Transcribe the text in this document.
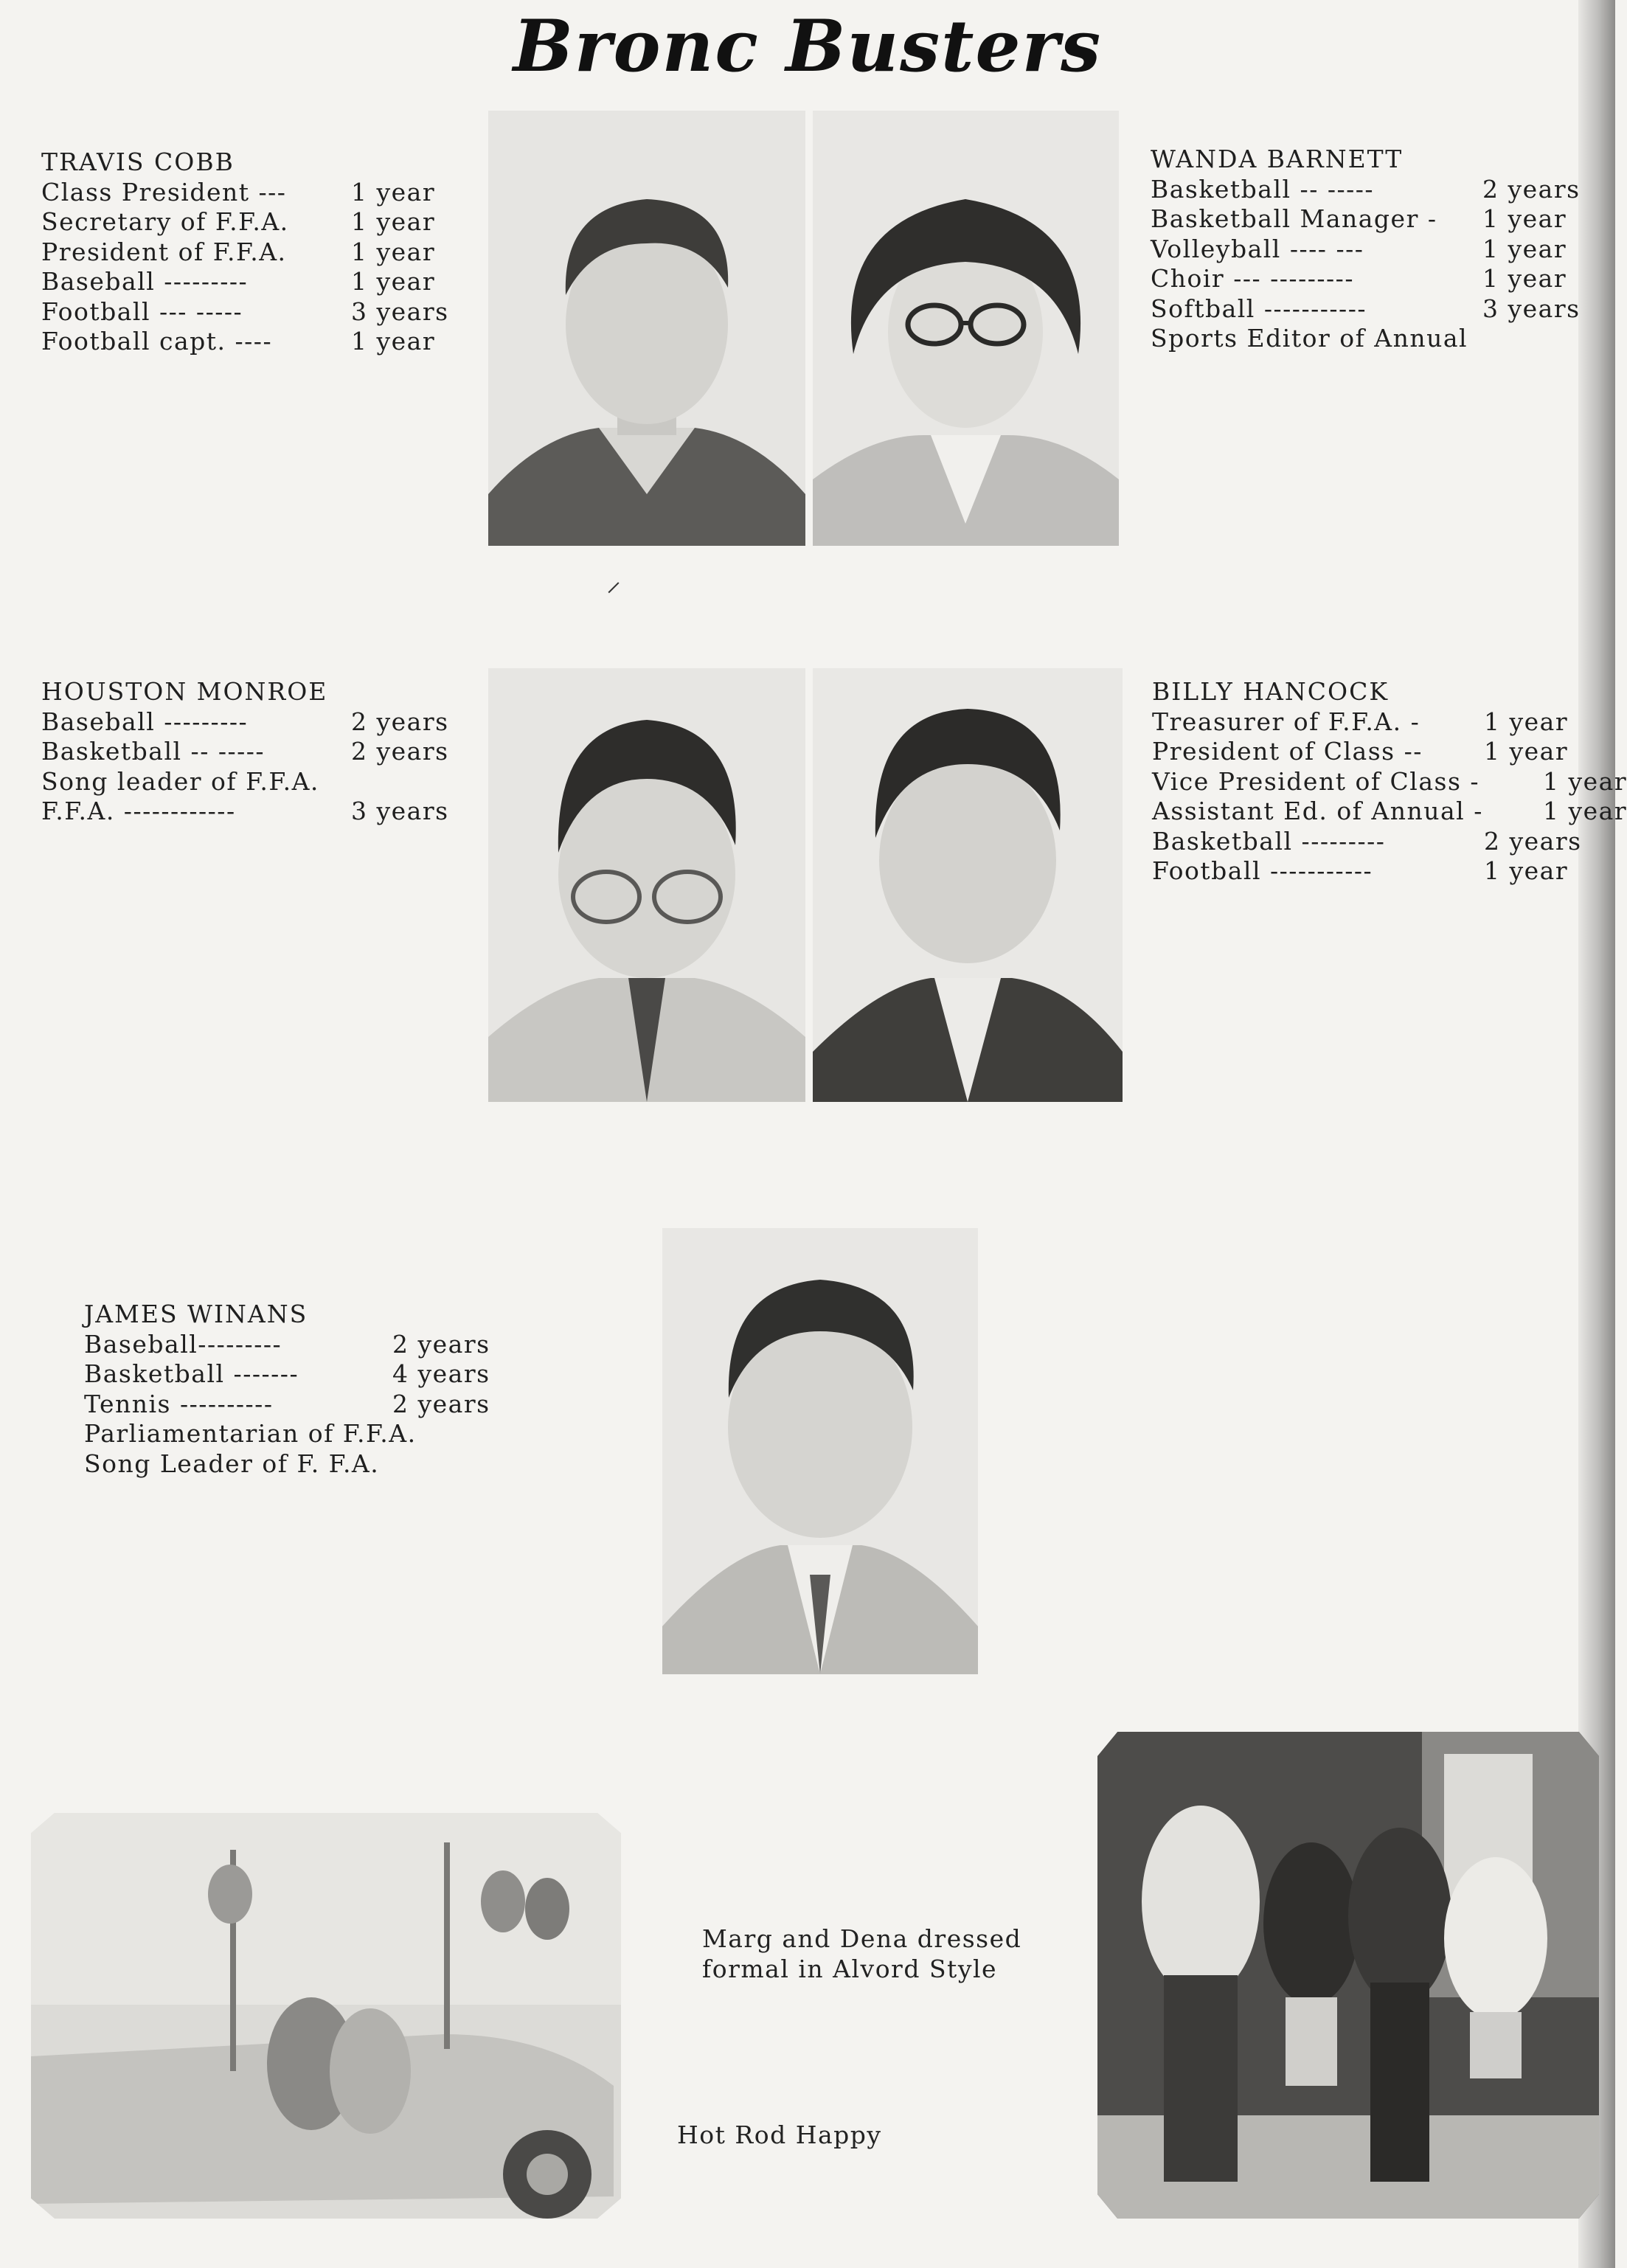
Bronc Busters
TRAVIS COBB
Class President ---	1 year
Secretary of F.F.A.	1 year
President of F.F.A.	1 year
Baseball ---------	1 year
Football --- -----	3 years
Football capt. ----	1 year
WANDA BARNETT
Basketball -- -----	2 years
Basketball Manager -	1 year
Volleyball ---- ---	1 year
Choir --- ---------	1 year
Softball -----------	3 years
Sports Editor of Annual
HOUSTON MONROE
Baseball ---------	2 years
Basketball -- -----	2 years
Song leader of F.F.A.
F.F.A. ------------	3 years
BILLY HANCOCK
Treasurer of F.F.A. -	1 year
President of Class --	1 year
Vice President of Class -	1 year
Assistant Ed. of Annual -	1 year
Basketball ---------	2 years
Football -----------	1 year
JAMES WINANS
Baseball---------	2 years
Basketball -------	4 years
Tennis ----------	2 years
Parliamentarian of F.F.A.
Song Leader of F. F.A.
Marg and Dena dressed formal in Alvord Style
Hot Rod Happy
⸝
